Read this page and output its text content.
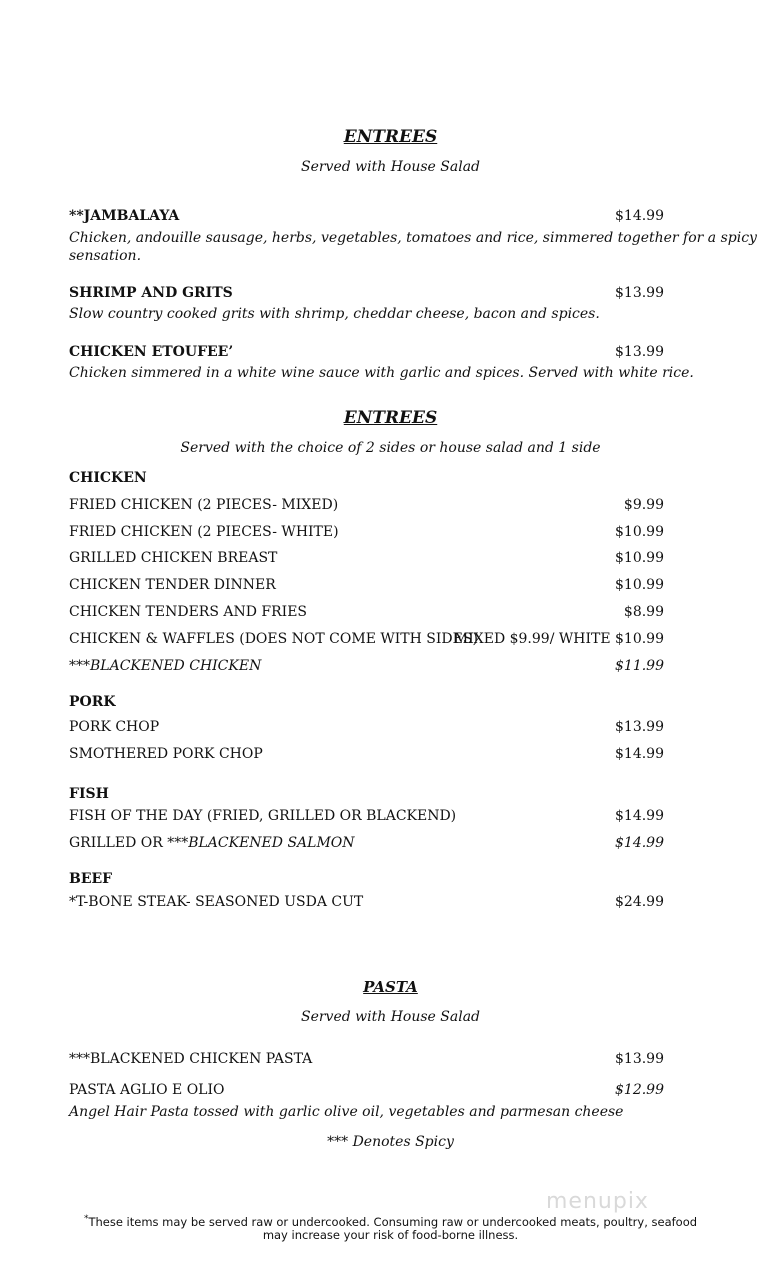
ENTREES
Served with House Salad
**JAMBALAYA	$14.99
Chicken, andouille sausage, herbs, vegetables, tomatoes and rice, simmered together for a spicy
sensation.
SHRIMP AND GRITS	$13.99
Slow country cooked grits with shrimp, cheddar cheese, bacon and spices.
CHICKEN ETOUFEE’	$13.99
Chicken simmered in a white wine sauce with garlic and spices. Served with white rice.
ENTREES
Served with the choice of 2 sides or house salad and 1 side
CHICKEN
FRIED CHICKEN (2 PIECES- MIXED)	$9.99
FRIED CHICKEN (2 PIECES- WHITE)	$10.99
GRILLED CHICKEN BREAST	$10.99
CHICKEN TENDER DINNER	$10.99
CHICKEN TENDERS AND FRIES	$8.99
CHICKEN & WAFFLES (DOES NOT COME WITH SIDES)
MIXED $9.99/ WHITE $10.99
***BLACKENED CHICKEN	$11.99
PORK
PORK CHOP	$13.99
SMOTHERED PORK CHOP	$14.99
FISH
FISH OF THE DAY (FRIED, GRILLED OR BLACKEND)	$14.99
GRILLED OR ***BLACKENED SALMON	$14.99
BEEF
*T-BONE STEAK- SEASONED USDA CUT	$24.99
PASTA
Served with House Salad
***BLACKENED CHICKEN PASTA	$13.99
PASTA AGLIO E OLIO	$12.99
Angel Hair Pasta tossed with garlic olive oil, vegetables and parmesan cheese
*** Denotes Spicy
menupix
*These items may be served raw or undercooked. Consuming raw or undercooked meats, poultry, seafood
may increase your risk of food-borne illness.
